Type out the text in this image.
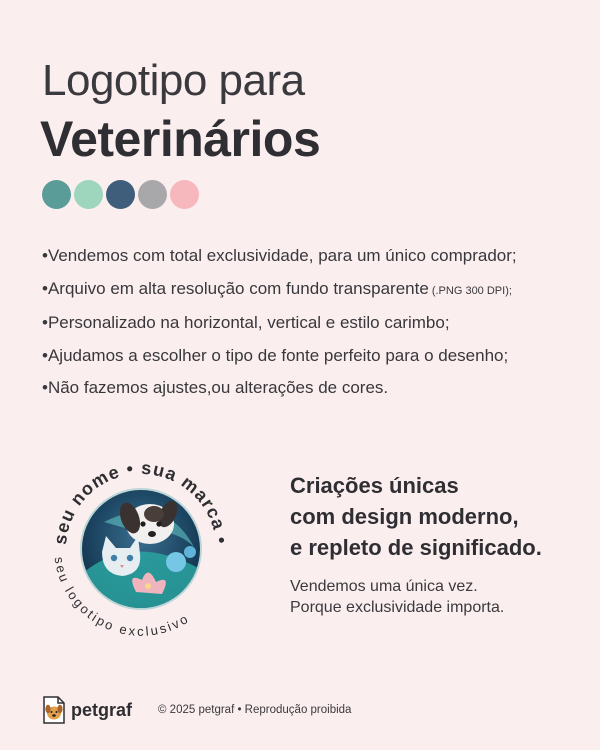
Logotipo para
Veterinários
•Vendemos com total exclusividade, para um único comprador;
•Arquivo em alta resolução com fundo transparente (.PNG 300 DPI);
•Personalizado na horizontal, vertical e estilo carimbo;
•Ajudamos a escolher o tipo de fonte perfeito para o desenho;
•Não fazemos ajustes,ou alterações de cores.
seu nome • sua marca •
seu logotipo exclusivo
Criações únicas
com design moderno,
e repleto de significado.
Vendemos uma única vez.
Porque exclusividade importa.
petgraf © 2025 petgraf • Reprodução proibida
